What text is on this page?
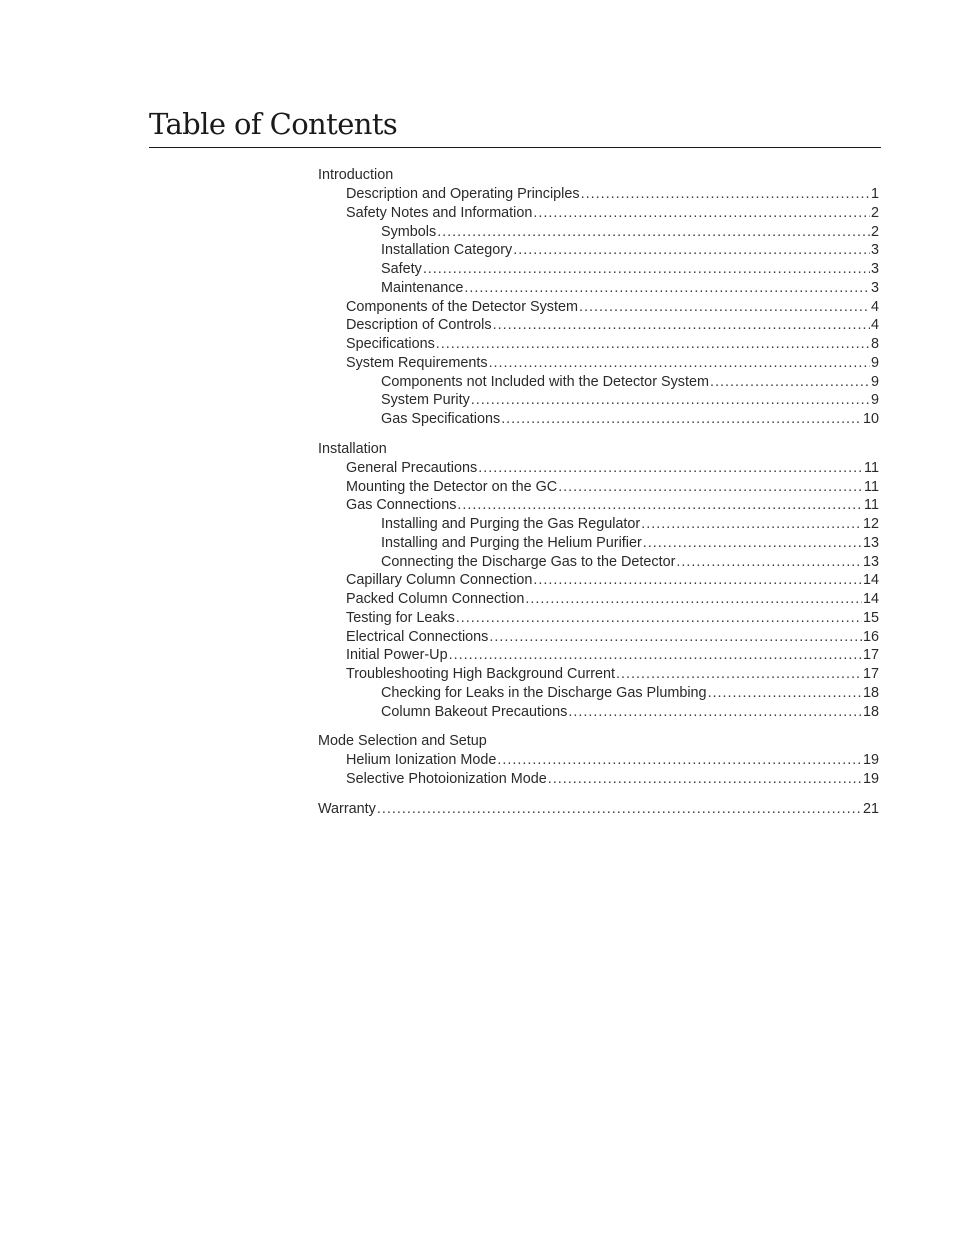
Table of Contents
Introduction
Description and Operating Principles .....	1
Safety Notes and Information .....	2
Symbols .....	2
Installation Category .....	3
Safety .....	3
Maintenance .....	3
Components of the Detector System .....	4
Description of Controls .....	4
Specifications .....	8
System Requirements .....	9
Components not Included with the Detector System .....	9
System Purity .....	9
Gas Specifications .....	10
Installation
General Precautions .....	11
Mounting the Detector on the GC .....	11
Gas Connections .....	11
Installing and Purging the Gas Regulator .....	12
Installing and Purging the Helium Purifier .....	13
Connecting the Discharge Gas to the Detector .....	13
Capillary Column Connection .....	14
Packed Column Connection .....	14
Testing for Leaks .....	15
Electrical Connections .....	16
Initial Power-Up .....	17
Troubleshooting High Background Current .....	17
Checking for Leaks in the Discharge Gas Plumbing .....	18
Column Bakeout Precautions .....	18
Mode Selection and Setup
Helium Ionization Mode .....	19
Selective Photoionization Mode .....	19
Warranty .....	21
